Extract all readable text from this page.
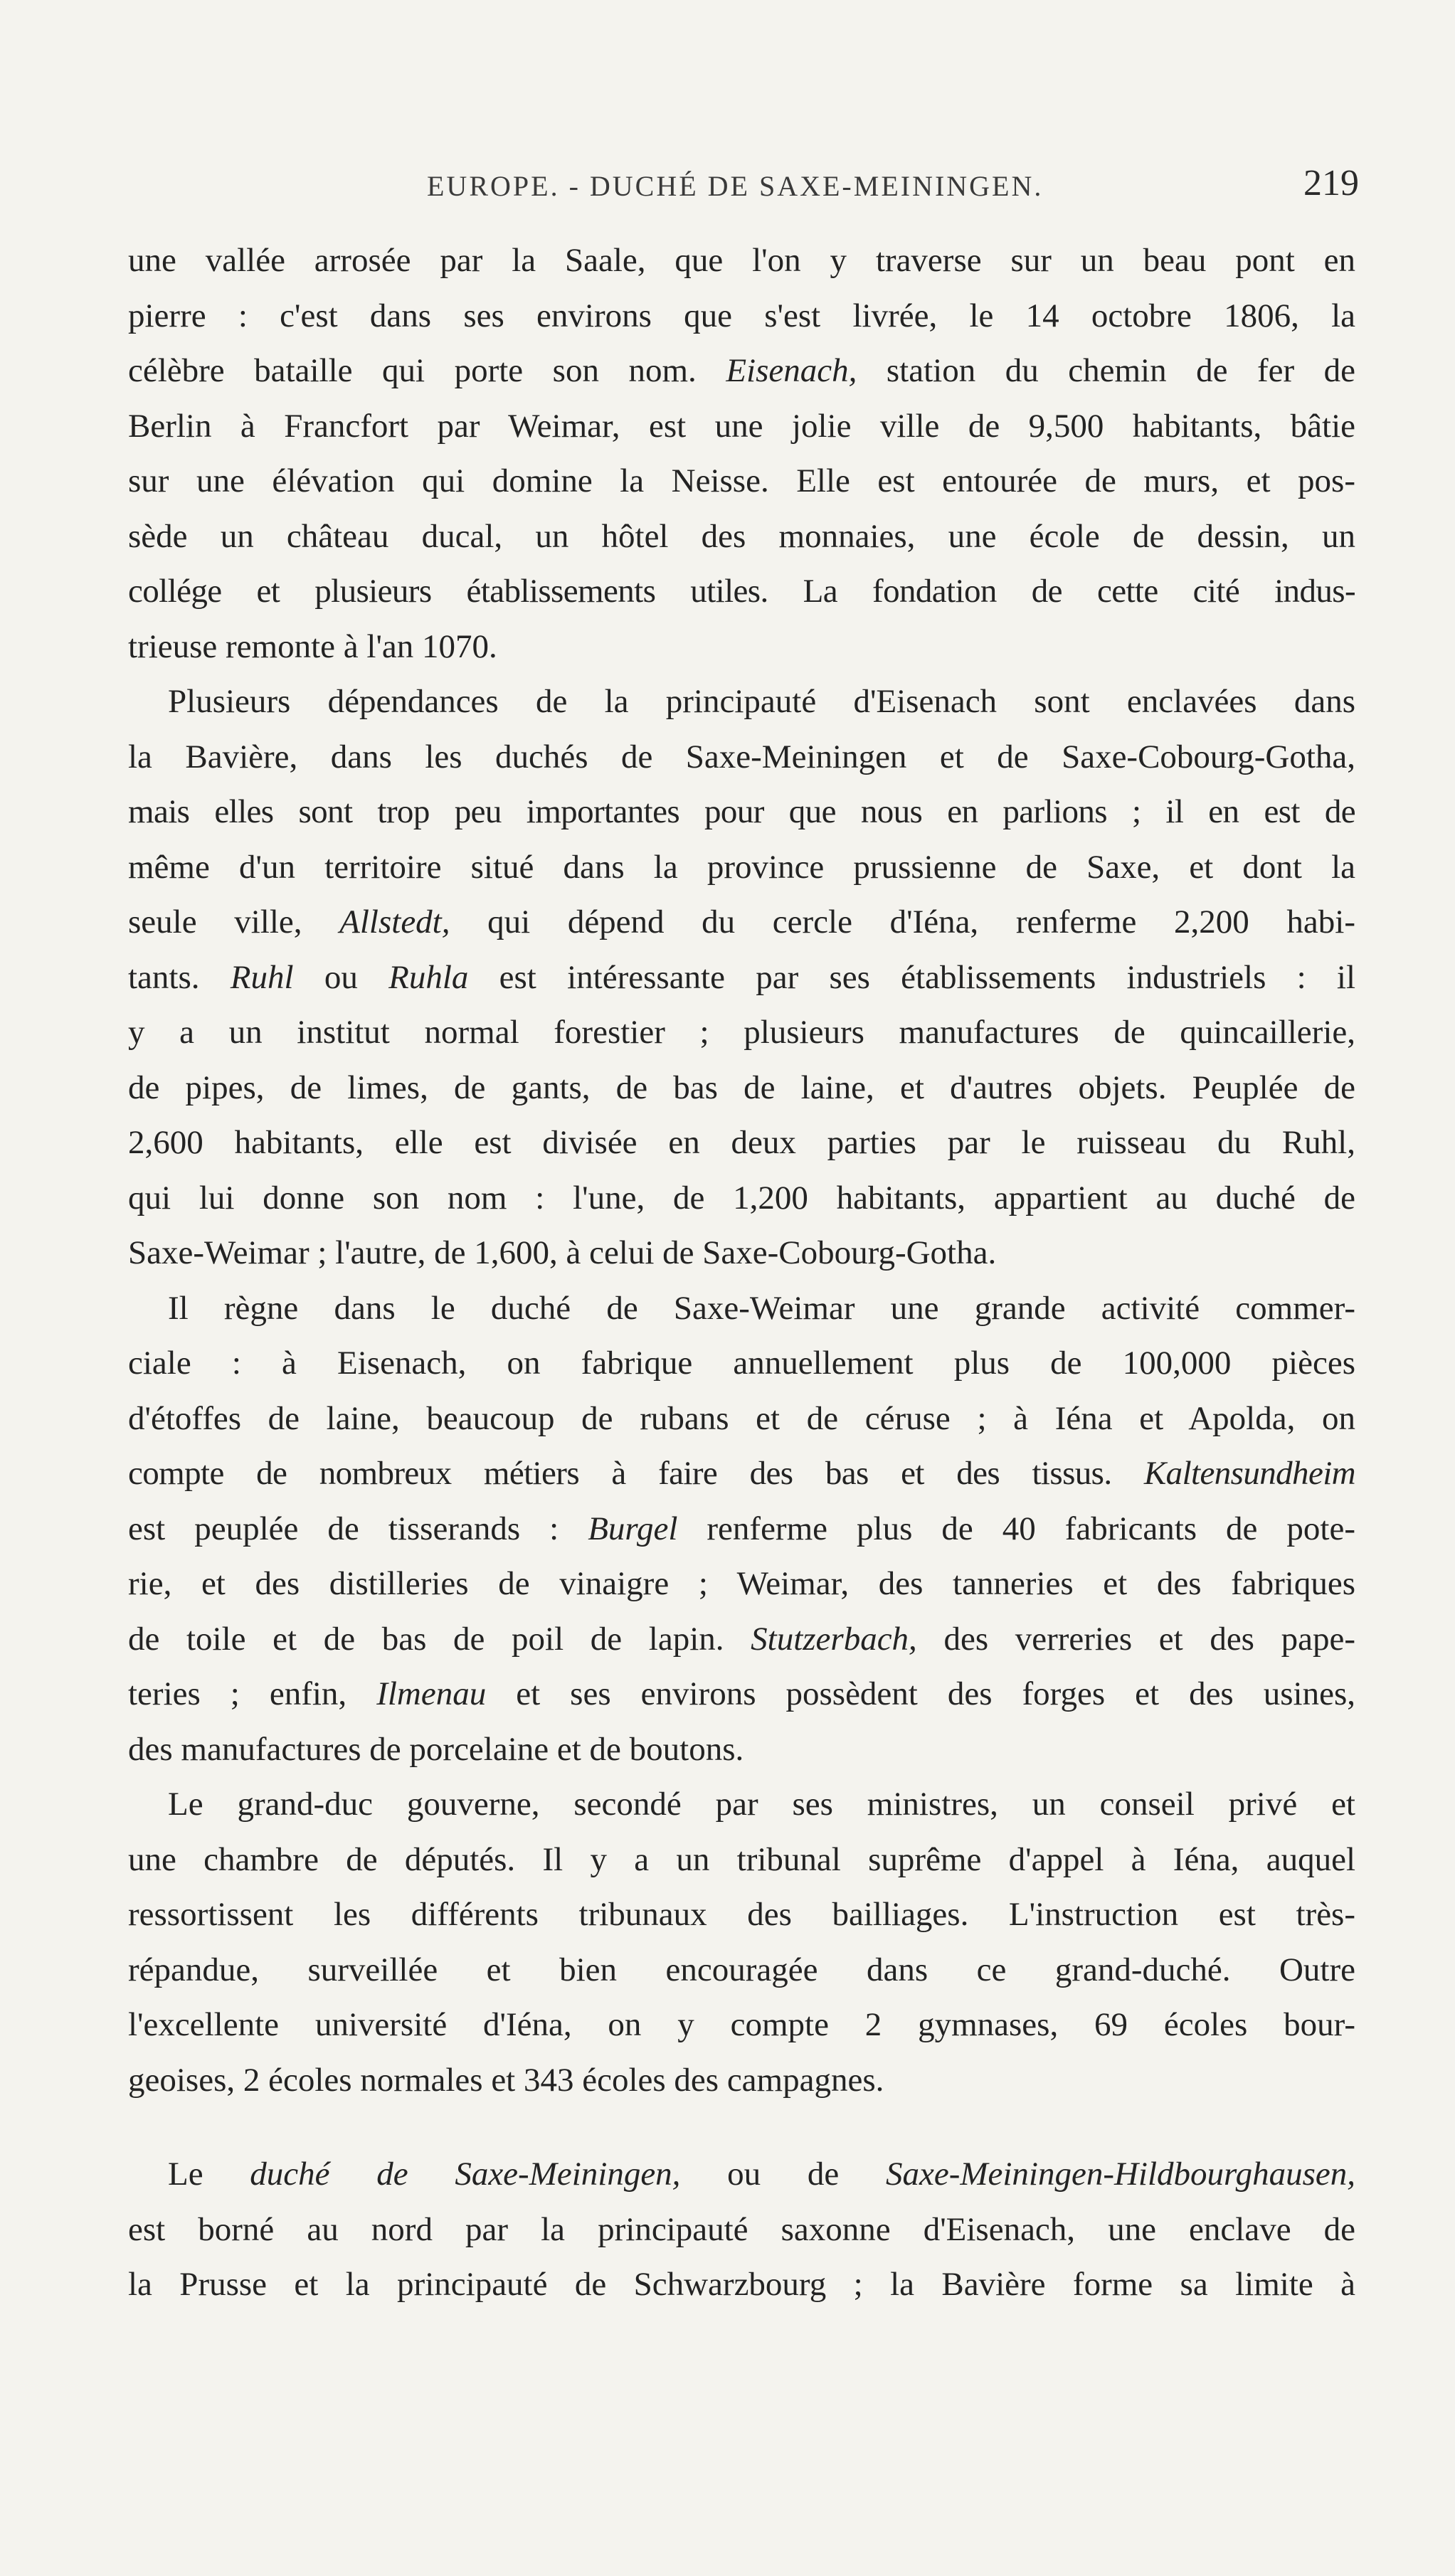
EUROPE. - DUCHÉ DE SAXE-MEININGEN.	219
une vallée arrosée par la Saale, que l'on y traverse sur un beau pont en
pierre : c'est dans ses environs que s'est livrée, le 14 octobre 1806, la
célèbre bataille qui porte son nom. Eisenach, station du chemin de fer de
Berlin à Francfort par Weimar, est une jolie ville de 9,500 habitants, bâtie
sur une élévation qui domine la Neisse. Elle est entourée de murs, et pos-
sède un château ducal, un hôtel des monnaies, une école de dessin, un
collége et plusieurs établissements utiles. La fondation de cette cité indus-
trieuse remonte à l'an 1070.
Plusieurs dépendances de la principauté d'Eisenach sont enclavées dans
la Bavière, dans les duchés de Saxe-Meiningen et de Saxe-Cobourg-Gotha,
mais elles sont trop peu importantes pour que nous en parlions ; il en est de
même d'un territoire situé dans la province prussienne de Saxe, et dont la
seule ville, Allstedt, qui dépend du cercle d'Iéna, renferme 2,200 habi-
tants. Ruhl ou Ruhla est intéressante par ses établissements industriels : il
y a un institut normal forestier ; plusieurs manufactures de quincaillerie,
de pipes, de limes, de gants, de bas de laine, et d'autres objets. Peuplée de
2,600 habitants, elle est divisée en deux parties par le ruisseau du Ruhl,
qui lui donne son nom : l'une, de 1,200 habitants, appartient au duché de
Saxe-Weimar ; l'autre, de 1,600, à celui de Saxe-Cobourg-Gotha.
Il règne dans le duché de Saxe-Weimar une grande activité commer-
ciale : à Eisenach, on fabrique annuellement plus de 100,000 pièces
d'étoffes de laine, beaucoup de rubans et de céruse ; à Iéna et Apolda, on
compte de nombreux métiers à faire des bas et des tissus. Kaltensundheim
est peuplée de tisserands : Burgel renferme plus de 40 fabricants de pote-
rie, et des distilleries de vinaigre ; Weimar, des tanneries et des fabriques
de toile et de bas de poil de lapin. Stutzerbach, des verreries et des pape-
teries ; enfin, Ilmenau et ses environs possèdent des forges et des usines,
des manufactures de porcelaine et de boutons.
Le grand-duc gouverne, secondé par ses ministres, un conseil privé et
une chambre de députés. Il y a un tribunal suprême d'appel à Iéna, auquel
ressortissent les différents tribunaux des bailliages. L'instruction est très-
répandue, surveillée et bien encouragée dans ce grand-duché. Outre
l'excellente université d'Iéna, on y compte 2 gymnases, 69 écoles bour-
geoises, 2 écoles normales et 343 écoles des campagnes.
Le duché de Saxe-Meiningen, ou de Saxe-Meiningen-Hildbourghausen,
est borné au nord par la principauté saxonne d'Eisenach, une enclave de
la Prusse et la principauté de Schwarzbourg ; la Bavière forme sa limite à
